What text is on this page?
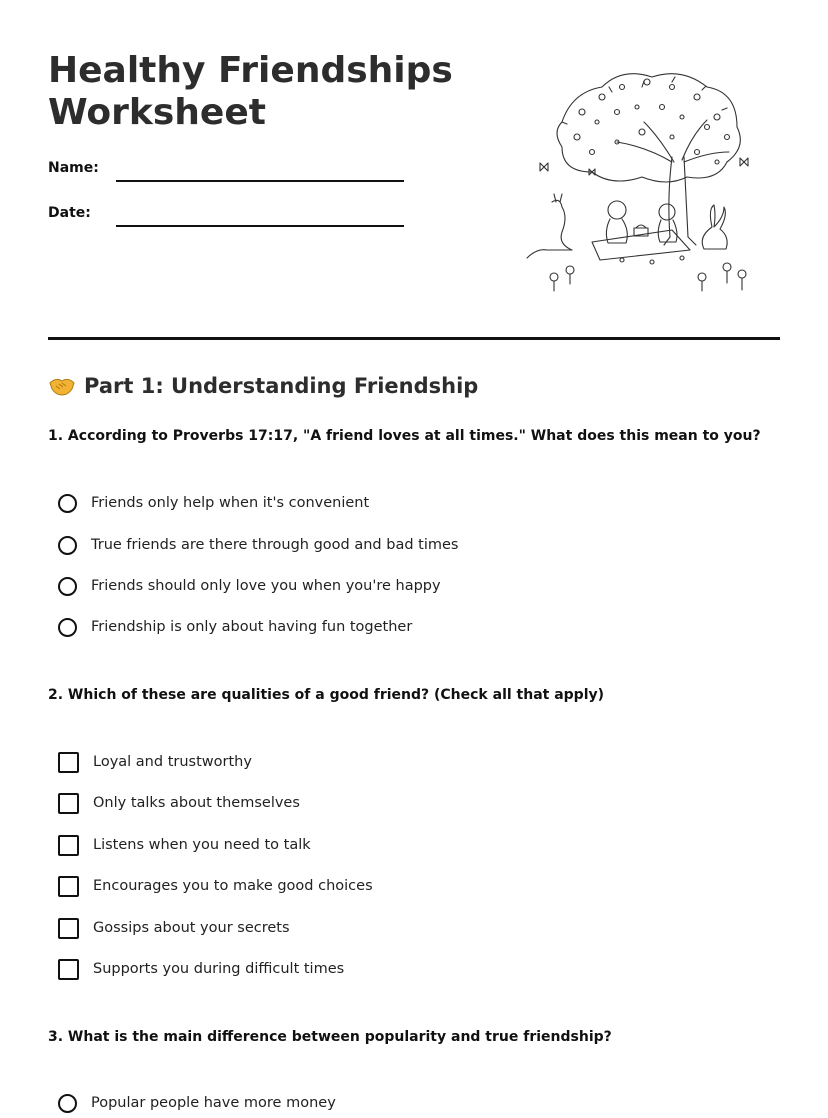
Healthy Friendships Worksheet
Name:
Date:
Part 1: Understanding Friendship
1. According to Proverbs 17:17, "A friend loves at all times." What does this mean to you?
Friends only help when it's convenient
True friends are there through good and bad times
Friends should only love you when you're happy
Friendship is only about having fun together
2. Which of these are qualities of a good friend? (Check all that apply)
Loyal and trustworthy
Only talks about themselves
Listens when you need to talk
Encourages you to make good choices
Gossips about your secrets
Supports you during difficult times
3. What is the main difference between popularity and true friendship?
Popular people have more money
